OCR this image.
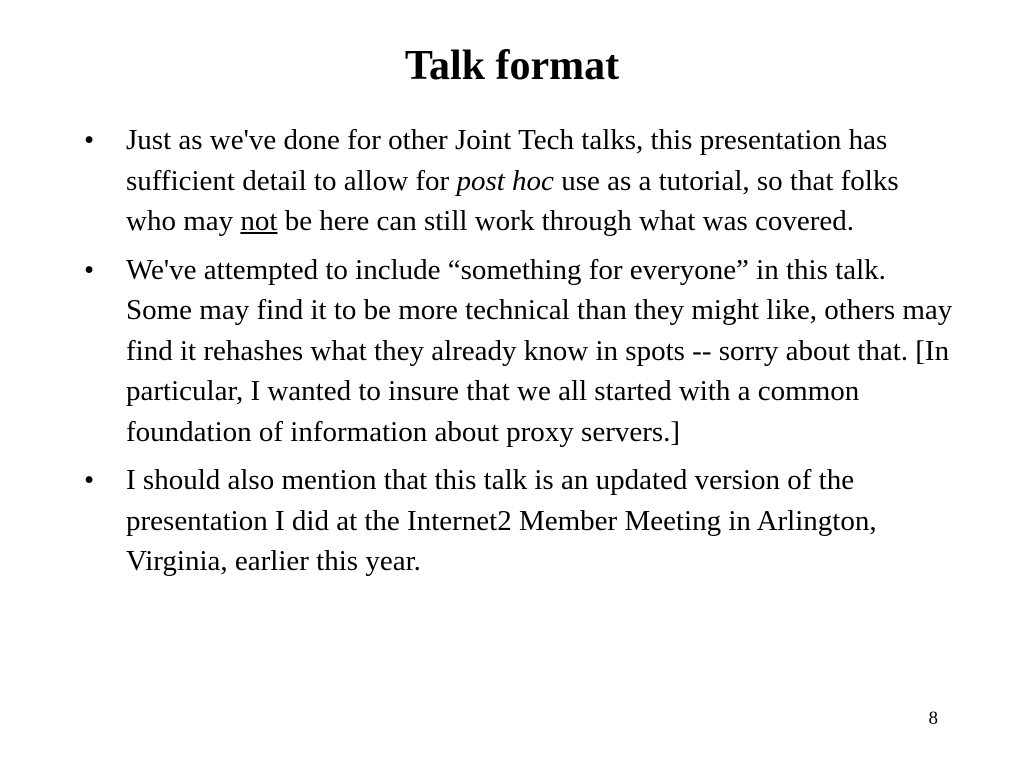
Talk format
• Just as we've done for other Joint Tech talks, this presentation has sufficient detail to allow for post hoc use as a tutorial, so that folks who may not be here can still work through what was covered.
• We've attempted to include “something for everyone” in this talk. Some may find it to be more technical than they might like, others may find it rehashes what they already know in spots -- sorry about that. [In particular, I wanted to insure that we all started with a common foundation of information about proxy servers.]
• I should also mention that this talk is an updated version of the presentation I did at the Internet2 Member Meeting in Arlington, Virginia, earlier this year.
8
